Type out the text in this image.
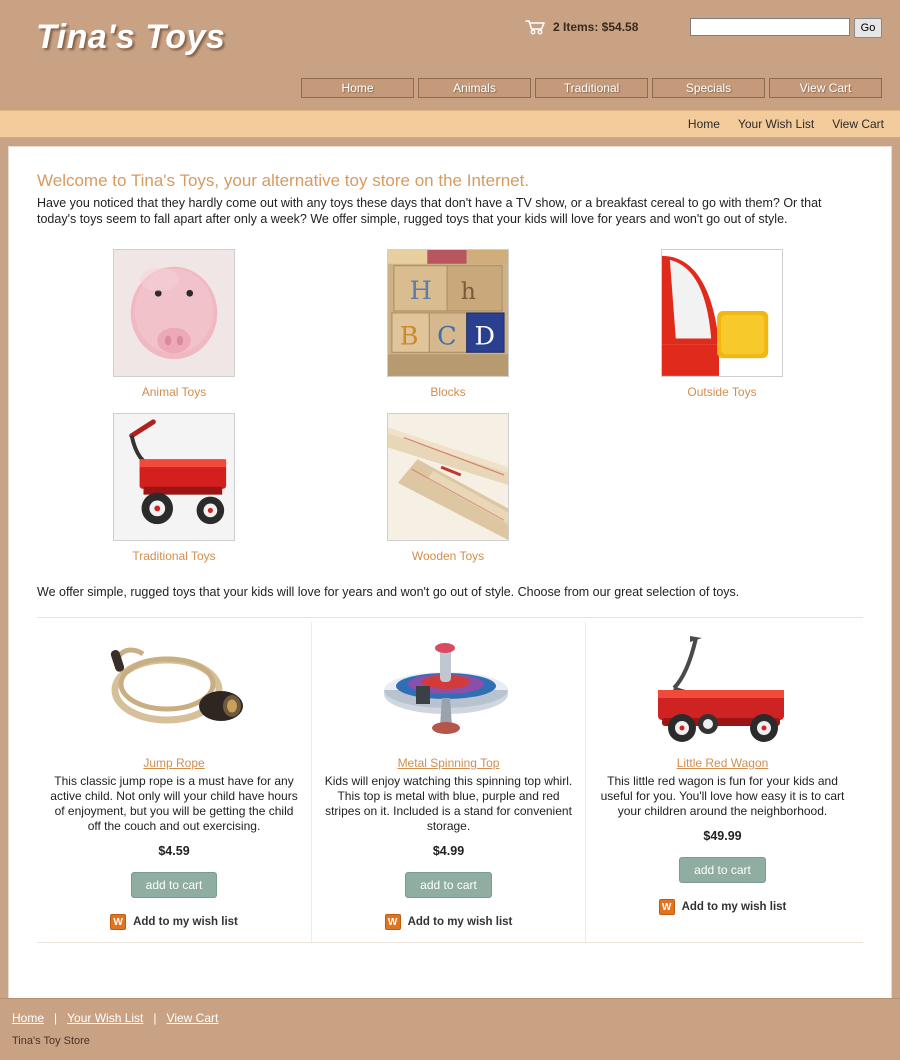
Tina's Toys	2 Items: $54.58	Go
Home	Animals	Traditional	Specials	View Cart
Home Your Wish List View Cart
Welcome to Tina's Toys, your alternative toy store on the Internet.

Have you noticed that they hardly come out with any toys these days that don't have a TV show, or a breakfast cereal to go with them? Or that today's toys seem to fall apart after only a week? We offer simple, rugged toys that your kids will love for years and won't go out of style.

Animal Toys
H h
B C D
Blocks	Outside Toys
Traditional Toys	Wooden Toys

We offer simple, rugged toys that your kids will love for years and won't go out of style. Choose from our great selection of toys.

Jump Rope
This classic jump rope is a must have for any active child. Not only will your child have hours of enjoyment, but you will be getting the child off the couch and out exercising.
$4.59
add to cart
W Add to my wish list
Metal Spinning Top
Kids will enjoy watching this spinning top whirl. This top is metal with blue, purple and red stripes on it. Included is a stand for convenient storage.
$4.99
add to cart
W Add to my wish list
Little Red Wagon
This little red wagon is fun for your kids and useful for you. You'll love how easy it is to cart your children around the neighborhood.
$49.99
add to cart
W Add to my wish list
Home | Your Wish List | View Cart
Tina's Toy Store
